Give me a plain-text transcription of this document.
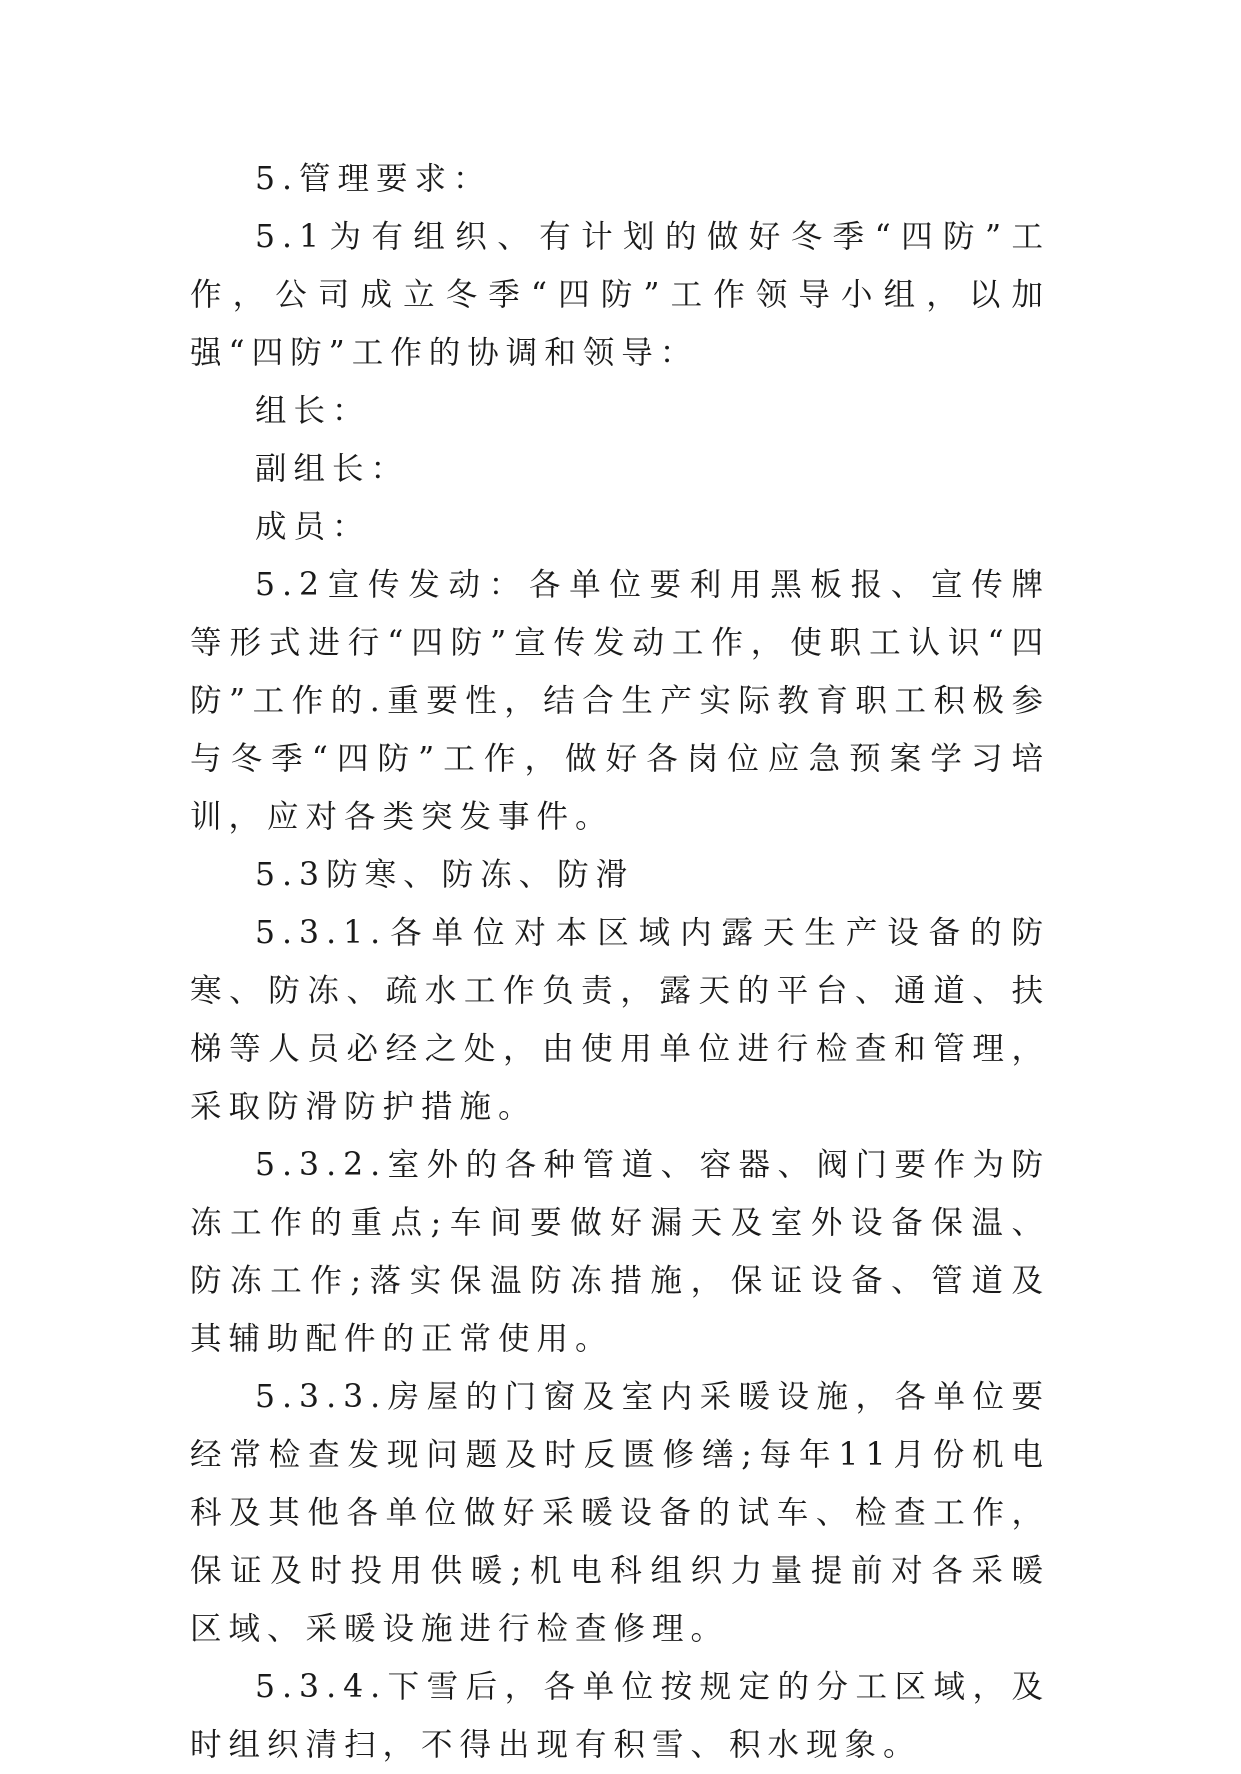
5.管理要求：

5.1为有组织、有计划的做好冬季“四防”工作，公司成立冬季“四防”工作领导小组，以加强“四防”工作的协调和领导：

组长：

副组长：

成员：

5.2宣传发动：各单位要利用黑板报、宣传牌等形式进行“四防”宣传发动工作，使职工认识“四防”工作的.重要性，结合生产实际教育职工积极参与冬季“四防”工作，做好各岗位应急预案学习培训，应对各类突发事件。

5.3防寒、防冻、防滑

5.3.1.各单位对本区域内露天生产设备的防寒、防冻、疏水工作负责，露天的平台、通道、扶梯等人员必经之处，由使用单位进行检查和管理，采取防滑防护措施。

5.3.2.室外的各种管道、容器、阀门要作为防冻工作的重点;车间要做好漏天及室外设备保温、防冻工作;落实保温防冻措施，保证设备、管道及其辅助配件的正常使用。

5.3.3.房屋的门窗及室内采暖设施，各单位要经常检查发现问题及时反匮修缮;每年11月份机电科及其他各单位做好采暖设备的试车、检查工作，保证及时投用供暖;机电科组织力量提前对各采暖区域、采暖设施进行检查修理。

5.3.4.下雪后，各单位按规定的分工区域，及时组织清扫，不得出现有积雪、积水现象。
